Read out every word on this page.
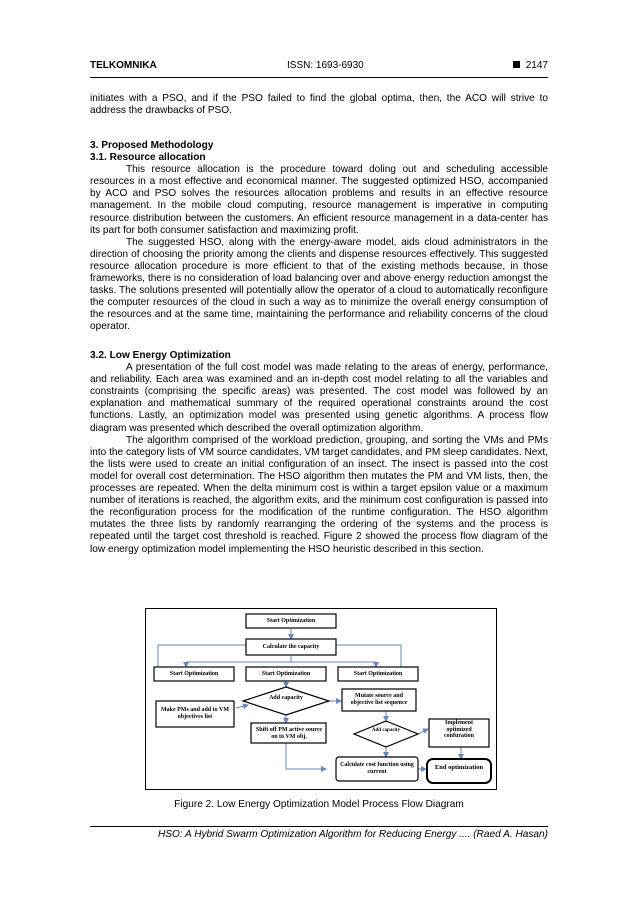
TELKOMNIKA	ISSN: 1693-6930	2147

initiates with a PSO, and if the PSO failed to find the global optima, then, the ACO will strive to address the drawbacks of PSO.

3. Proposed Methodology

3.1. Resource allocation

This resource allocation is the procedure toward doling out and scheduling accessible resources in a most effective and economical manner. The suggested optimized HSO, accompanied by ACO and PSO solves the resources allocation problems and results in an effective resource management. In the mobile cloud computing, resource management is imperative in computing resource distribution between the customers. An efficient resource management in a data-center has its part for both consumer satisfaction and maximizing profit.

The suggested HSO, along with the energy-aware model, aids cloud administrators in the direction of choosing the priority among the clients and dispense resources effectively. This suggested resource allocation procedure is more efficient to that of the existing methods because, in those frameworks, there is no consideration of load balancing over and above energy reduction amongst the tasks. The solutions presented will potentially allow the operator of a cloud to automatically reconfigure the computer resources of the cloud in such a way as to minimize the overall energy consumption of the resources and at the same time, maintaining the performance and reliability concerns of the cloud operator.

3.2. Low Energy Optimization

A presentation of the full cost model was made relating to the areas of energy, performance, and reliability. Each area was examined and an in-depth cost model relating to all the variables and constraints (comprising the specific areas) was presented. The cost model was followed by an explanation and mathematical summary of the required operational constraints around the cost functions. Lastly, an optimization model was presented using genetic algorithms. A process flow diagram was presented which described the overall optimization algorithm.

The algorithm comprised of the workload prediction, grouping, and sorting the VMs and PMs into the category lists of VM source candidates, VM target candidates, and PM sleep candidates. Next, the lists were used to create an initial configuration of an insect. The insect is passed into the cost model for overall cost determination. The HSO algorithm then mutates the PM and VM lists, then, the processes are repeated. When the delta minimum cost is within a target epsilon value or a maximum number of iterations is reached, the algorithm exits, and the minimum cost configuration is passed into the reconfiguration process for the modification of the runtime configuration. The HSO algorithm mutates the three lists by randomly rearranging the ordering of the systems and the process is repeated until the target cost threshold is reached. Figure 2 showed the process flow diagram of the low energy optimization model implementing the HSO heuristic described in this section.

Start Optimization
Calculate the capacity
Start Optimization	Start Optimization	Start Optimization
Make PMs and add to VM objectives list
Add capacity	Mutate source and objective list sequence
Add capacity
Implement optimized confuration
Shift off PM active source on to VM obj.
Calculate cost function using current
End optimization
Figure 2. Low Energy Optimization Model Process Flow Diagram
HSO: A Hybrid Swarm Optimization Algorithm for Reducing Energy .... (Raed A. Hasan)
